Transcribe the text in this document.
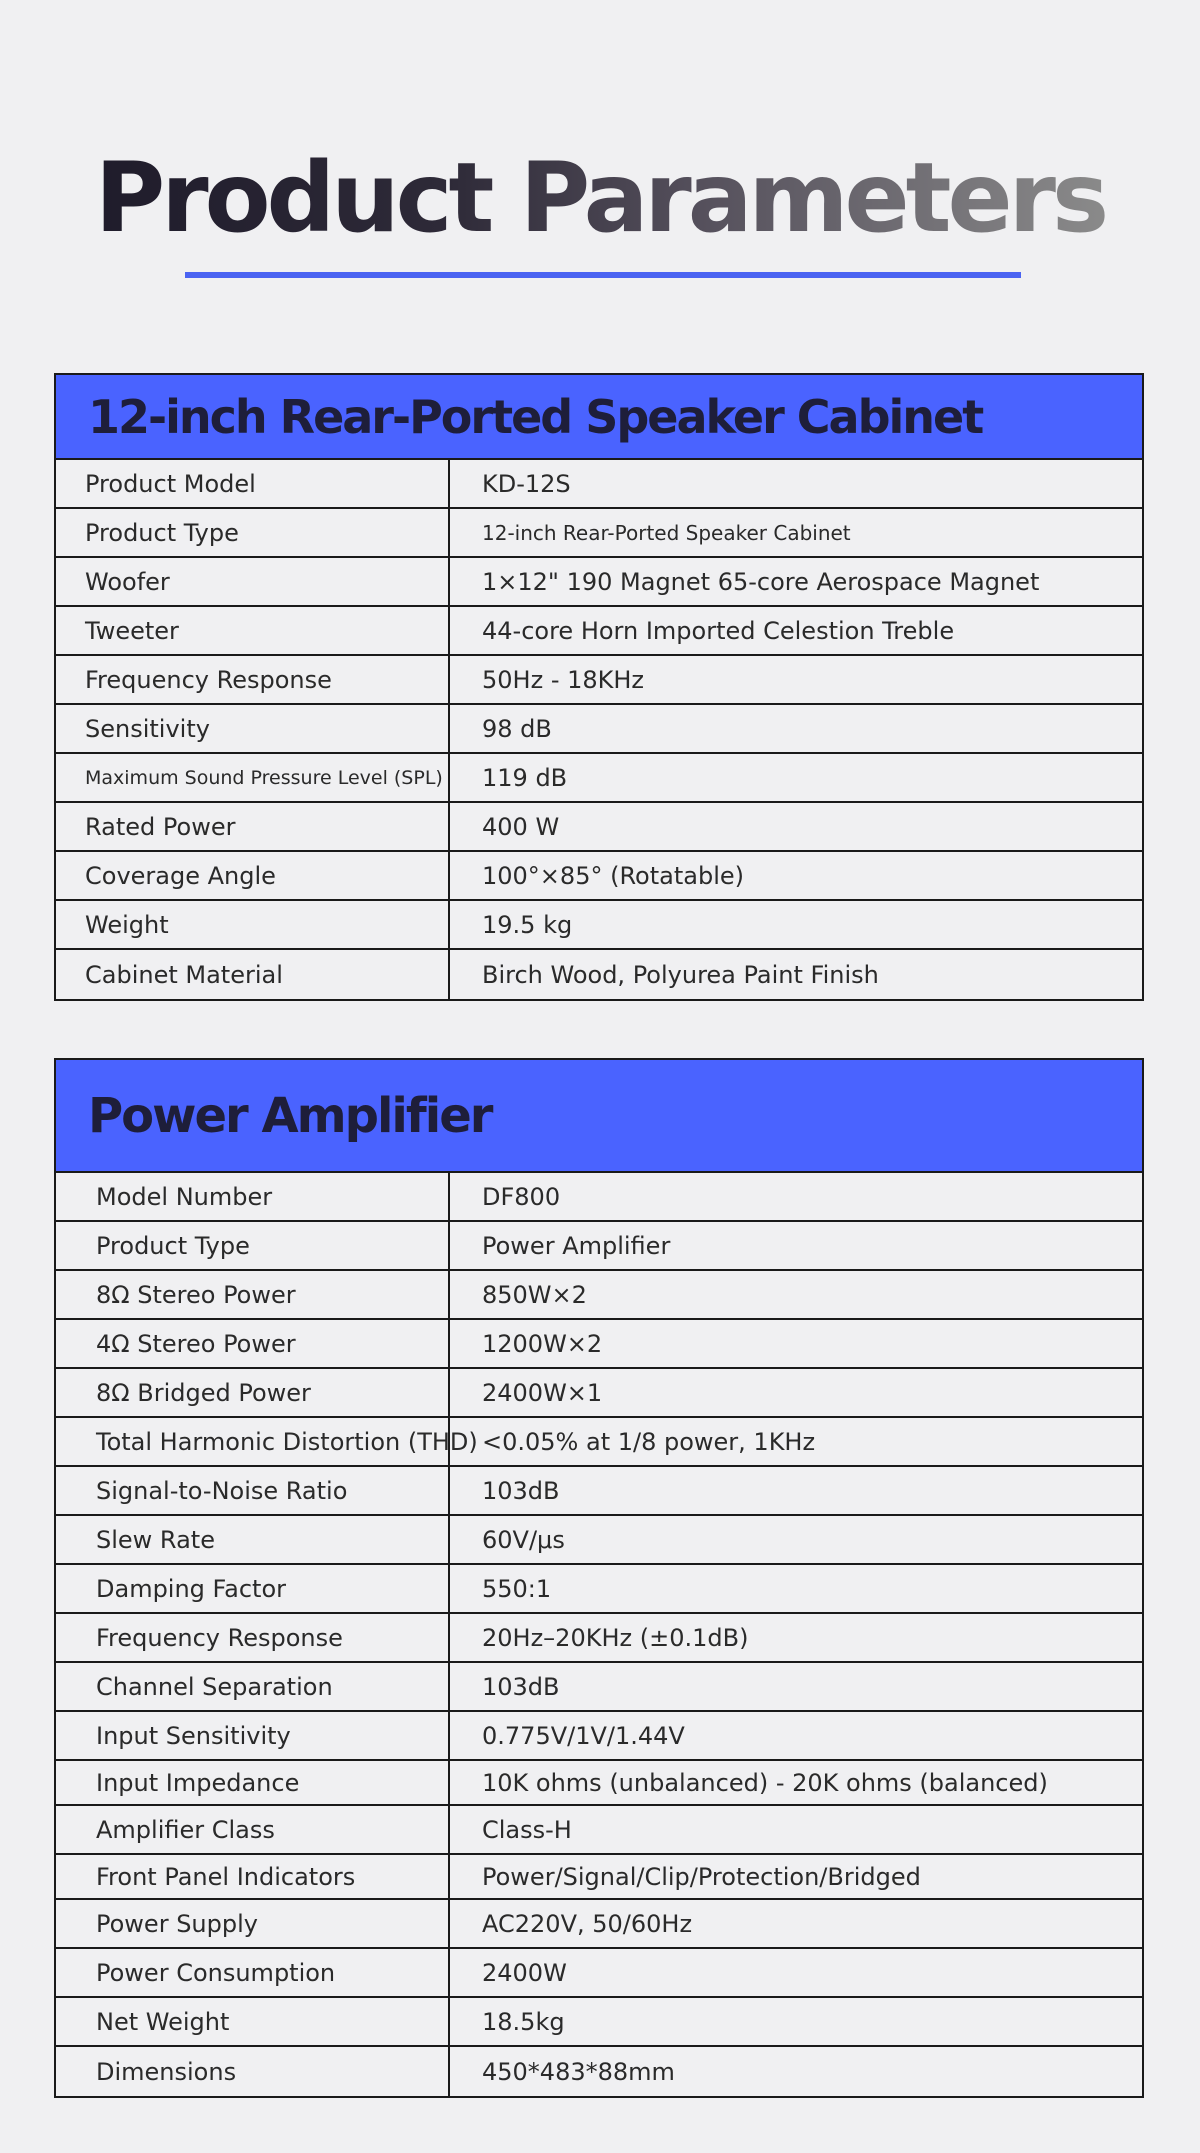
Product Parameters
12-inch Rear-Ported Speaker Cabinet
Product Model	KD-12S
Product Type	12-inch Rear-Ported Speaker Cabinet
Woofer	1×12" 190 Magnet 65-core Aerospace Magnet
Tweeter	44-core Horn Imported Celestion Treble
Frequency Response	50Hz - 18KHz
Sensitivity	98 dB
Maximum Sound Pressure Level (SPL)	119 dB
Rated Power	400 W
Coverage Angle	100°×85° (Rotatable)
Weight	19.5 kg
Cabinet Material	Birch Wood, Polyurea Paint Finish
Power Amplifier
Model Number	DF800
Product Type	Power Amplifier
8Ω Stereo Power	850W×2
4Ω Stereo Power	1200W×2
8Ω Bridged Power	2400W×1
Total Harmonic Distortion (THD) <0.05% at 1/8 power, 1KHz
Signal-to-Noise Ratio	103dB
Slew Rate	60V/μs
Damping Factor	550:1
Frequency Response	20Hz–20KHz (±0.1dB)
Channel Separation	103dB
Input Sensitivity	0.775V/1V/1.44V
Input Impedance	10K ohms (unbalanced) - 20K ohms (balanced)
Amplifier Class	Class-H
Front Panel Indicators	Power/Signal/Clip/Protection/Bridged
Power Supply	AC220V, 50/60Hz
Power Consumption	2400W
Net Weight	18.5kg
Dimensions	450*483*88mm
